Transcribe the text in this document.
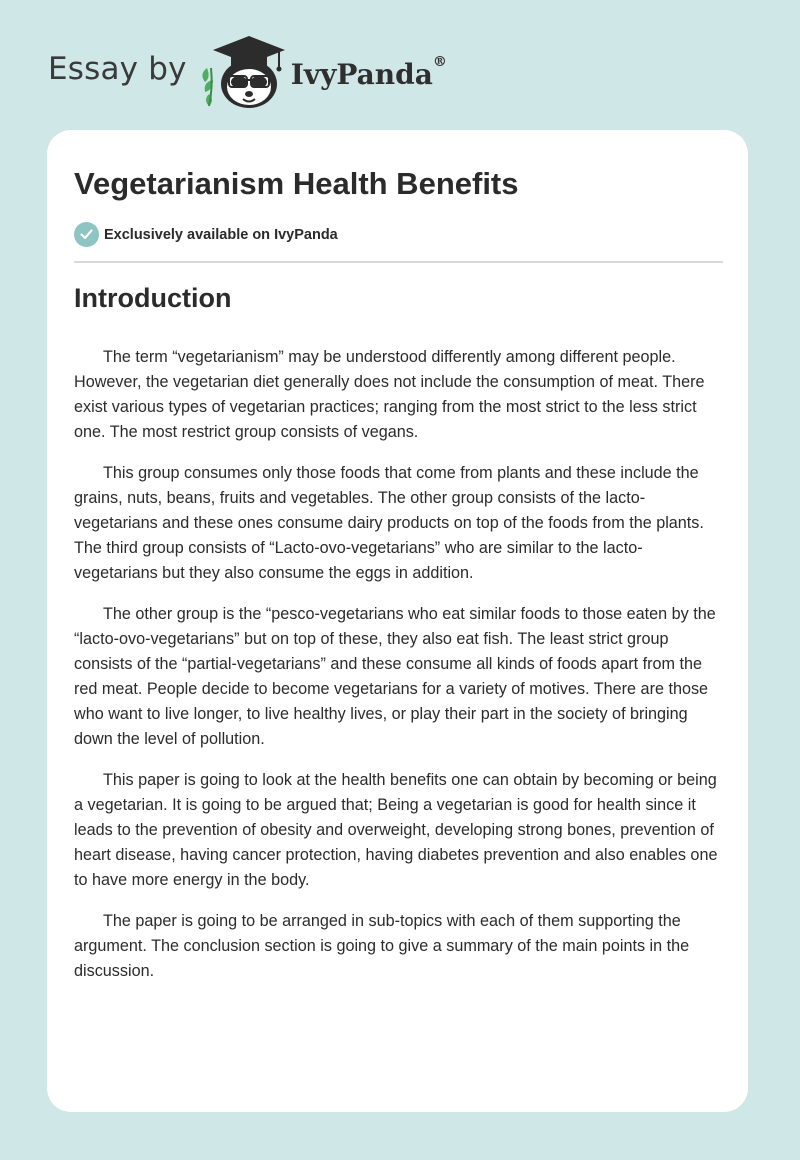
Essay by	IvyPanda®
Vegetarianism Health Benefits
Exclusively available on IvyPanda
Introduction

The term “vegetarianism” may be understood differently among different people. However, the vegetarian diet generally does not include the consumption of meat. There exist various types of vegetarian practices; ranging from the most strict to the less strict one. The most restrict group consists of vegans.

This group consumes only those foods that come from plants and these include the grains, nuts, beans, fruits and vegetables. The other group consists of the lacto-vegetarians and these ones consume dairy products on top of the foods from the plants. The third group consists of “Lacto-ovo-vegetarians” who are similar to the lacto-vegetarians but they also consume the eggs in addition.

The other group is the “pesco-vegetarians who eat similar foods to those eaten by the “lacto-ovo-vegetarians” but on top of these, they also eat fish. The least strict group consists of the “partial-vegetarians” and these consume all kinds of foods apart from the red meat. People decide to become vegetarians for a variety of motives. There are those who want to live longer, to live healthy lives, or play their part in the society of bringing down the level of pollution.

This paper is going to look at the health benefits one can obtain by becoming or being a vegetarian. It is going to be argued that; Being a vegetarian is good for health since it leads to the prevention of obesity and overweight, developing strong bones, prevention of heart disease, having cancer protection, having diabetes prevention and also enables one to have more energy in the body.

The paper is going to be arranged in sub-topics with each of them supporting the argument. The conclusion section is going to give a summary of the main points in the discussion.
